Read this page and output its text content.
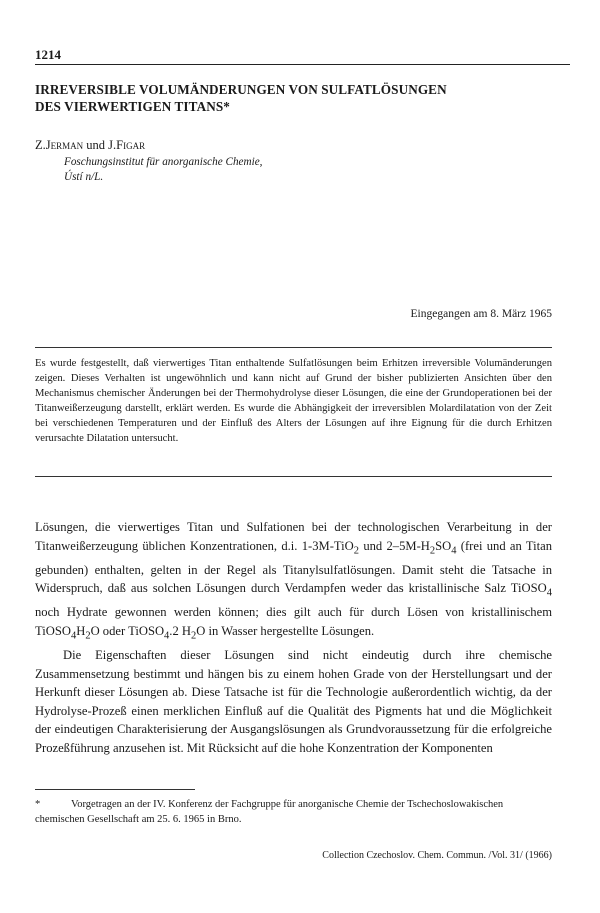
1214
IRREVERSIBLE VOLUMÄNDERUNGEN VON SULFATLÖSUNGEN
DES VIERWERTIGEN TITANS*
Z.Jerman und J.Figar
Foschungsinstitut für anorganische Chemie,
Ústí n/L.
Eingegangen am 8. März 1965
Es wurde festgestellt, daß vierwertiges Titan enthaltende Sulfatlösungen beim Erhitzen irreversible Volumänderungen zeigen. Dieses Verhalten ist ungewöhnlich und kann nicht auf Grund der bisher publizierten Ansichten über den Mechanismus chemischer Änderungen bei der Thermohydrolyse dieser Lösungen, die eine der Grundoperationen bei der Titanweißerzeugung darstellt, erklärt werden. Es wurde die Abhängigkeit der irreversiblen Molardilatation von der Zeit bei verschiedenen Temperaturen und der Einfluß des Alters der Lösungen auf ihre Eignung für die durch Erhitzen verursachte Dilatation untersucht.

Lösungen, die vierwertiges Titan und Sulfationen bei der technologischen Verarbeitung in der Titanweißerzeugung üblichen Konzentrationen, d.i. 1-3M-TiO$_2$ und $2-5M-H_2SO_4$ (frei und an Titan gebunden) enthalten, gelten in der Regel als Titanylsulfatlösungen. Damit steht die Tatsache in Widerspruch, daß aus solchen Lösungen durch Verdampfen weder das kristallinische Salz TiOSO$_4$ noch Hydrate gewonnen werden können; dies gilt auch für durch Lösen von kristallinischem $TiOSO_4H_2O$ oder TiOSO$_4$.2 $H_2O$ in Wasser hergestellte Lösungen.

Die Eigenschaften dieser Lösungen sind nicht eindeutig durch ihre chemische Zusammensetzung bestimmt und hängen bis zu einem hohen Grade von der Herstellungsart und der Herkunft dieser Lösungen ab. Diese Tatsache ist für die Technologie außerordentlich wichtig, da der Hydrolyse-Prozeß einen merklichen Einfluß auf die Qualität des Pigments hat und die Möglichkeit der eindeutigen Charakterisierung der Ausgangslösungen als Grundvoraussetzung für die erfolgreiche Prozeßführung anzusehen ist. Mit Rücksicht auf die hohe Konzentration der Komponenten

*	Vorgetragen an der IV. Konferenz der Fachgruppe für anorganische Chemie der Tschechoslowakischen chemischen Gesellschaft am 25. 6. 1965 in Brno.
Collection Czechoslov. Chem. Commun. /Vol. 31/ (1966)
